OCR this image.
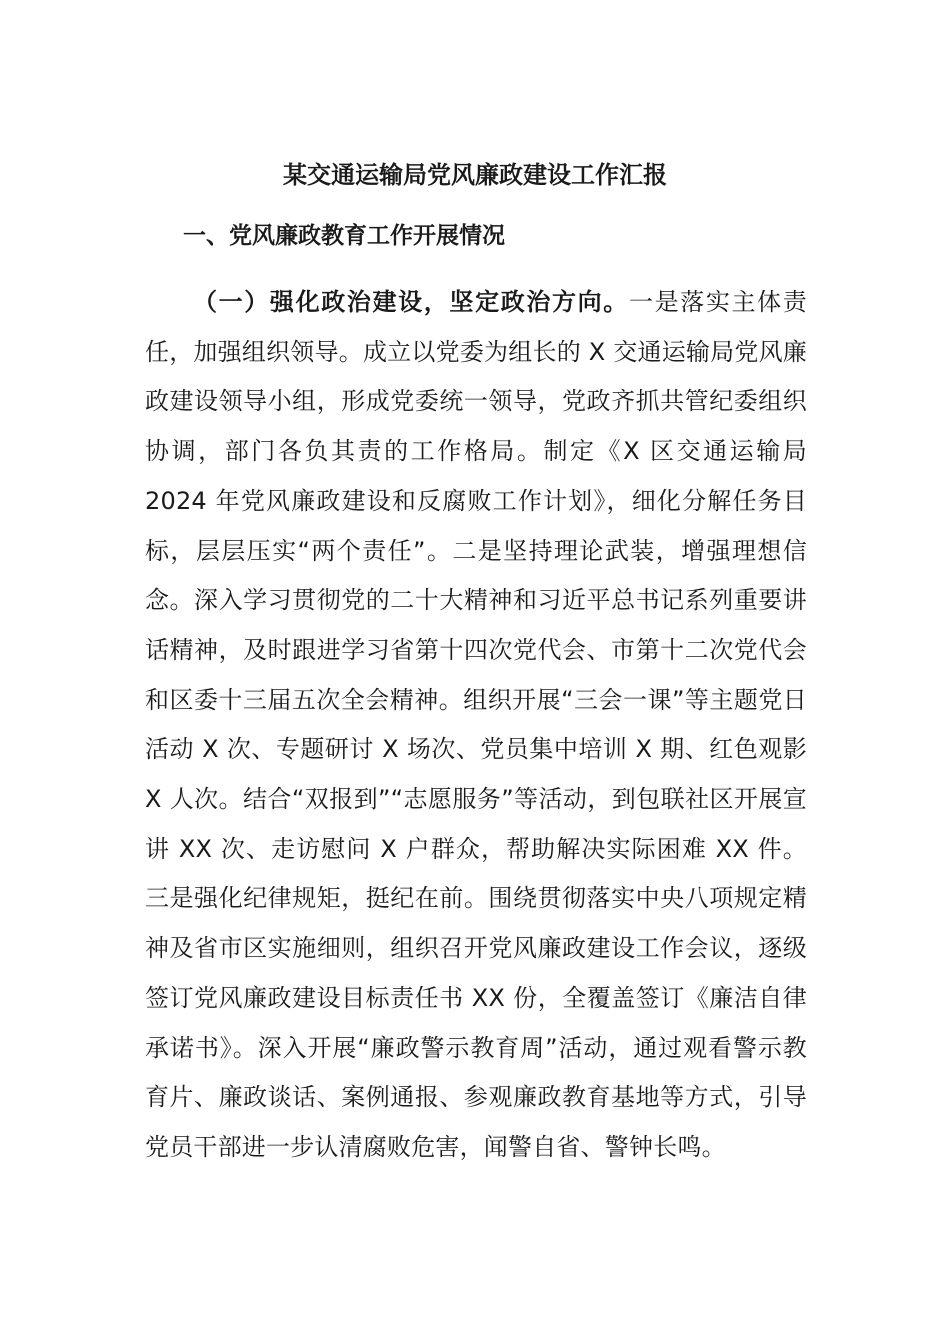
某交通运输局党风廉政建设工作汇报
一、党风廉政教育工作开展情况

（一）强化政治建设，坚定政治方向。一是落实主体责任，加强组织领导。成立以党委为组长的 X 交通运输局党风廉政建设领导小组，形成党委统一领导，党政齐抓共管纪委组织协调，部门各负其责的工作格局。制定《X 区交通运输局 2024 年党风廉政建设和反腐败工作计划》，细化分解任务目标，层层压实“两个责任”。二是坚持理论武装，增强理想信念。深入学习贯彻党的二十大精神和习近平总书记系列重要讲话精神，及时跟进学习省第十四次党代会、市第十二次党代会和区委十三届五次全会精神。组织开展“三会一课”等主题党日活动 X 次、专题研讨 X 场次、党员集中培训 X 期、红色观影 X 人次。结合“双报到”“志愿服务”等活动，到包联社区开展宣讲 XX 次、走访慰问 X 户群众，帮助解决实际困难 XX 件。三是强化纪律规矩，挺纪在前。围绕贯彻落实中央八项规定精神及省市区实施细则，组织召开党风廉政建设工作会议，逐级签订党风廉政建设目标责任书 XX 份，全覆盖签订《廉洁自律承诺书》。深入开展“廉政警示教育周”活动，通过观看警示教育片、廉政谈话、案例通报、参观廉政教育基地等方式，引导党员干部进一步认清腐败危害，闻警自省、警钟长鸣。
